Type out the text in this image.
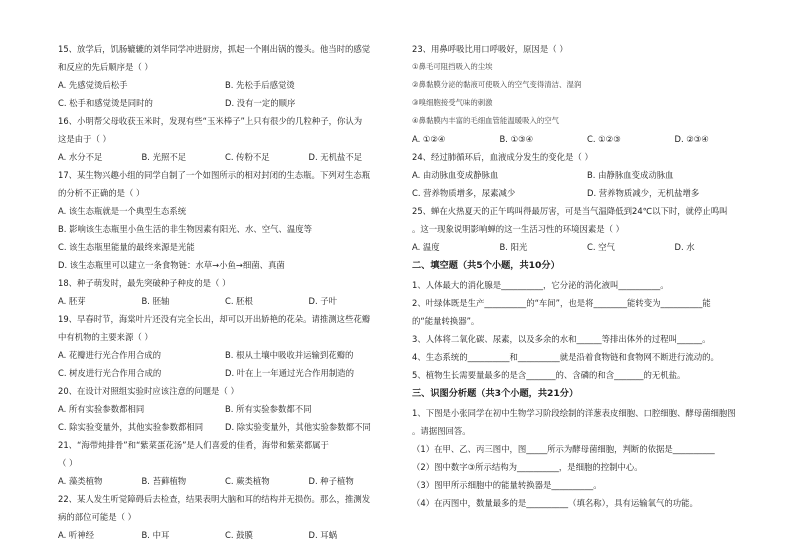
15、放学后，饥肠辘辘的刘华同学冲进厨房，抓起一个刚出锅的馒头。他当时的感觉
和反应的先后顺序是（ ）
A. 先感觉烫后松手	B. 先松手后感觉烫
C. 松手和感觉烫是同时的	D. 没有一定的顺序
16、小明帮父母收获玉米时，发现有些“玉米棒子”上只有很少的几粒种子，你认为
这是由于（ ）
A. 水分不足	B. 光照不足	C. 传粉不足	D. 无机盐不足
17、某生物兴趣小组的同学自制了一个如图所示的相对封闭的生态瓶。下列对生态瓶
的分析不正确的是（ ）
A. 该生态瓶就是一个典型生态系统
B. 影响该生态瓶里小鱼生活的非生物因素有阳光、水、空气、温度等
C. 该生态瓶里能量的最终来源是光能
D. 该生态瓶里可以建立一条食物链：水草→小鱼→细菌、真菌
18、种子萌发时，最先突破种子种皮的是（ ）
A. 胚芽	B. 胚轴	C. 胚根	D. 子叶
19、早春时节，海棠叶片还没有完全长出，却可以开出娇艳的花朵。请推测这些花瓣
中有机物的主要来源（ ）
A. 花瓣进行光合作用合成的	B. 根从土壤中吸收并运输到花瓣的
C. 树皮进行光合作用合成的	D. 叶在上一年通过光合作用制造的
20、在设计对照组实验时应该注意的问题是（ ）
A. 所有实验参数都相同	B. 所有实验参数都不同
C. 除实验变量外，其他实验参数都相同	D. 除实验变量外，其他实验参数都不同
21、“海带炖排骨”和“紫菜蛋花汤”是人们喜爱的佳肴，海带和紫菜都属于
（ ）
A. 藻类植物	B. 苔藓植物	C. 蕨类植物	D. 种子植物
22、某人发生听觉障碍后去检查，结果表明大脑和耳的结构并无损伤。那么，推测发
病的部位可能是（ ）
A. 听神经	B. 中耳	C. 鼓膜	D. 耳蜗
23、用鼻呼吸比用口呼吸好，原因是（ ）
①鼻毛可阻挡吸入的尘埃
②鼻黏膜分泌的黏液可使吸入的空气变得清洁、湿润
③嗅细胞接受气味的刺激
④鼻黏膜内丰富的毛细血管能温暖吸入的空气
A. ①②④	B. ①③④	C. ①②③	D. ②③④
24、经过肺循环后，血液成分发生的变化是（ ）
A. 由动脉血变成静脉血	B. 由静脉血变成动脉血
C. 营养物质增多，尿素减少	D. 营养物质减少，无机盐增多
25、蝉在火热夏天的正午鸣叫得最厉害，可是当气温降低到24℃以下时，就停止鸣叫
。这一现象说明影响蝉的这一生活习性的环境因素是（ ）
A. 温度	B. 阳光	C. 空气	D. 水
二、填空题（共5个小题，共10分）
1、人体最大的消化腺是__________，它分泌的消化液叫__________。
2、叶绿体既是生产__________的“车间”，也是将________能转变为__________能
的“能量转换器”。
3、人体将二氧化碳、尿素，以及多余的水和______等排出体外的过程叫______。
4、生态系统的__________和__________就是沿着食物链和食物网不断进行流动的。
5、植物生长需要量最多的是含_______的、含磷的和含_______的无机盐。
三、识图分析题（共3个小题，共21分）
1、下图是小张同学在初中生物学习阶段绘制的洋葱表皮细胞、口腔细胞、酵母菌细胞图
。请据图回答。
（1）在甲、乙、丙三图中，图_____所示为酵母菌细胞，判断的依据是__________
（2）图中数字③所示结构为__________，是细胞的控制中心。
（3）图甲所示细胞中的能量转换器是__________。
（4）在丙图中，数量最多的是__________（填名称），具有运输氧气的功能。
